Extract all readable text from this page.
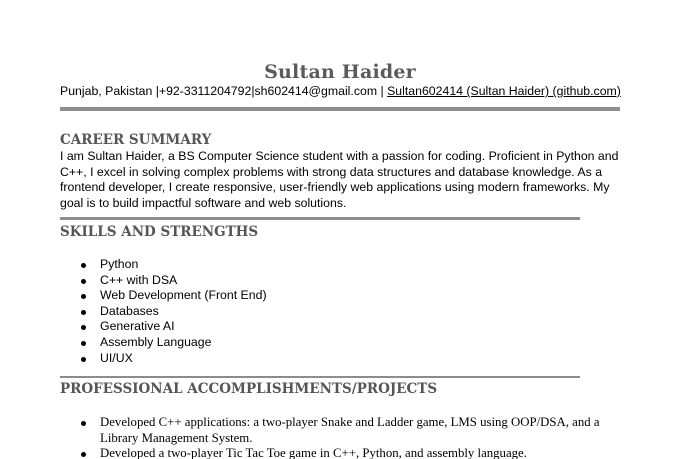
Sultan Haider
Punjab, Pakistan |+92-3311204792|sh602414@gmail.com | Sultan602414 (Sultan Haider) (github.com)
CAREER SUMMARY

I am Sultan Haider, a BS Computer Science student with a passion for coding. Proficient in Python and C++, I excel in solving complex problems with strong data structures and database knowledge. As a frontend developer, I create responsive, user-friendly web applications using modern frameworks. My goal is to build impactful software and web solutions.

SKILLS AND STRENGTHS
Python
C++ with DSA
Web Development (Front End)
Databases
Generative AI
Assembly Language
UI/UX
PROFESSIONAL ACCOMPLISHMENTS/PROJECTS
Developed C++ applications: a two-player Snake and Ladder game, LMS using OOP/DSA, and a Library Management System.
Developed a two-player Tic Tac Toe game in C++, Python, and assembly language.
